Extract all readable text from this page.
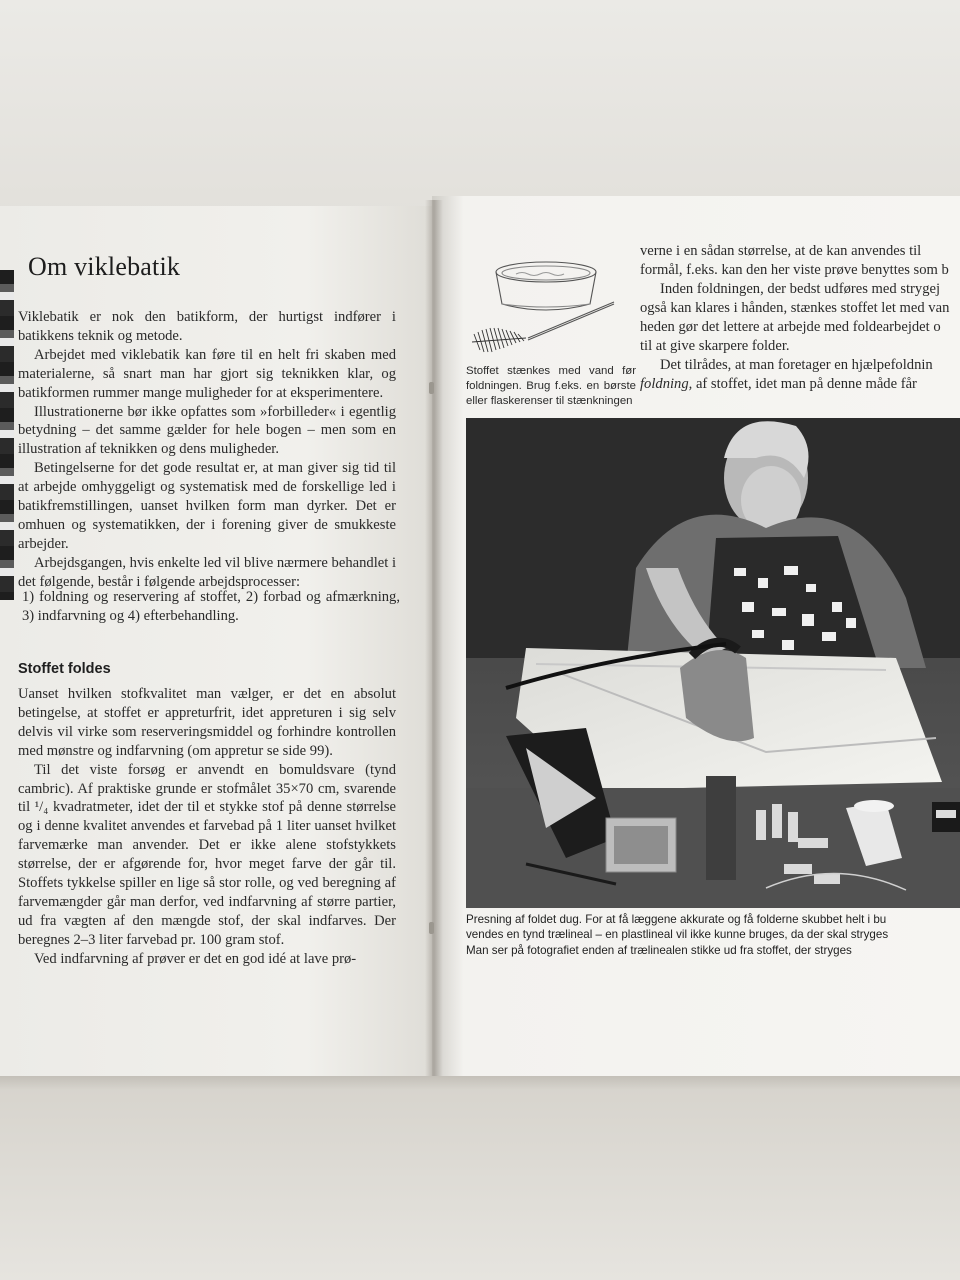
Om viklebatik

Viklebatik er nok den batikform, der hurtigst indfører i batikkens teknik og metode.

Arbejdet med viklebatik kan føre til en helt fri skaben med materialerne, så snart man har gjort sig teknikken klar, og batikformen rummer mange muligheder for at eksperimentere.

Illustrationerne bør ikke opfattes som »forbilleder« i egentlig betydning – det samme gælder for hele bogen – men som en illustration af teknikken og dens muligheder.

Betingelserne for det gode resultat er, at man giver sig tid til at arbejde omhyggeligt og systematisk med de forskellige led i batikfremstillingen, uanset hvilken form man dyrker. Det er omhuen og systematikken, der i forening giver de smukkeste arbejder.

Arbejdsgangen, hvis enkelte led vil blive nærmere behandlet i det følgende, består i følgende arbejdsprocesser:

1) foldning og reservering af stoffet, 2) forbad og afmærkning, 3) indfarvning og 4) efterbehandling.

Stoffet foldes

Uanset hvilken stofkvalitet man vælger, er det en absolut betingelse, at stoffet er appreturfrit, idet appreturen i sig selv delvis vil virke som reserveringsmiddel og forhindre kontrollen med mønstre og indfarvning (om appretur se side 99).

Til det viste forsøg er anvendt en bomuldsvare (tynd cambric). Af praktiske grunde er stofmålet 35×70 cm, svarende til ¹/₄ kvadratmeter, idet der til et stykke stof på denne størrelse og i denne kvalitet anvendes et farvebad på 1 liter uanset hvilket farvemærke man anvender. Det er ikke alene stofstykkets størrelse, der er afgørende for, hvor meget farve der går til. Stoffets tykkelse spiller en lige så stor rolle, og ved beregning af farvemængder går man derfor, ved indfarvning af større partier, ud fra vægten af den mængde stof, der skal indfarves. Der beregnes 2–3 liter farvebad pr. 100 gram stof.

Ved indfarvning af prøver er det en god idé at lave prø-

Stoffet stænkes med vand før foldningen. Brug f.eks. en børste eller flaskerenser til stænkningen

verne i en sådan størrelse, at de kan anvendes til

formål, f.eks. kan den her viste prøve benyttes som b

Inden foldningen, der bedst udføres med strygej

også kan klares i hånden, stænkes stoffet let med van

heden gør det lettere at arbejde med foldearbejdet o

til at give skarpere folder.

Det tilrådes, at man foretager en hjælpefoldnin

foldning, af stoffet, idet man på denne måde får

Presning af foldet dug. For at få læggene akkurate og få folderne skubbet helt i bu
vendes en tynd trælineal – en plastlineal vil ikke kunne bruges, da der skal stryges
Man ser på fotografiet enden af trælinealen stikke ud fra stoffet, der stryges
